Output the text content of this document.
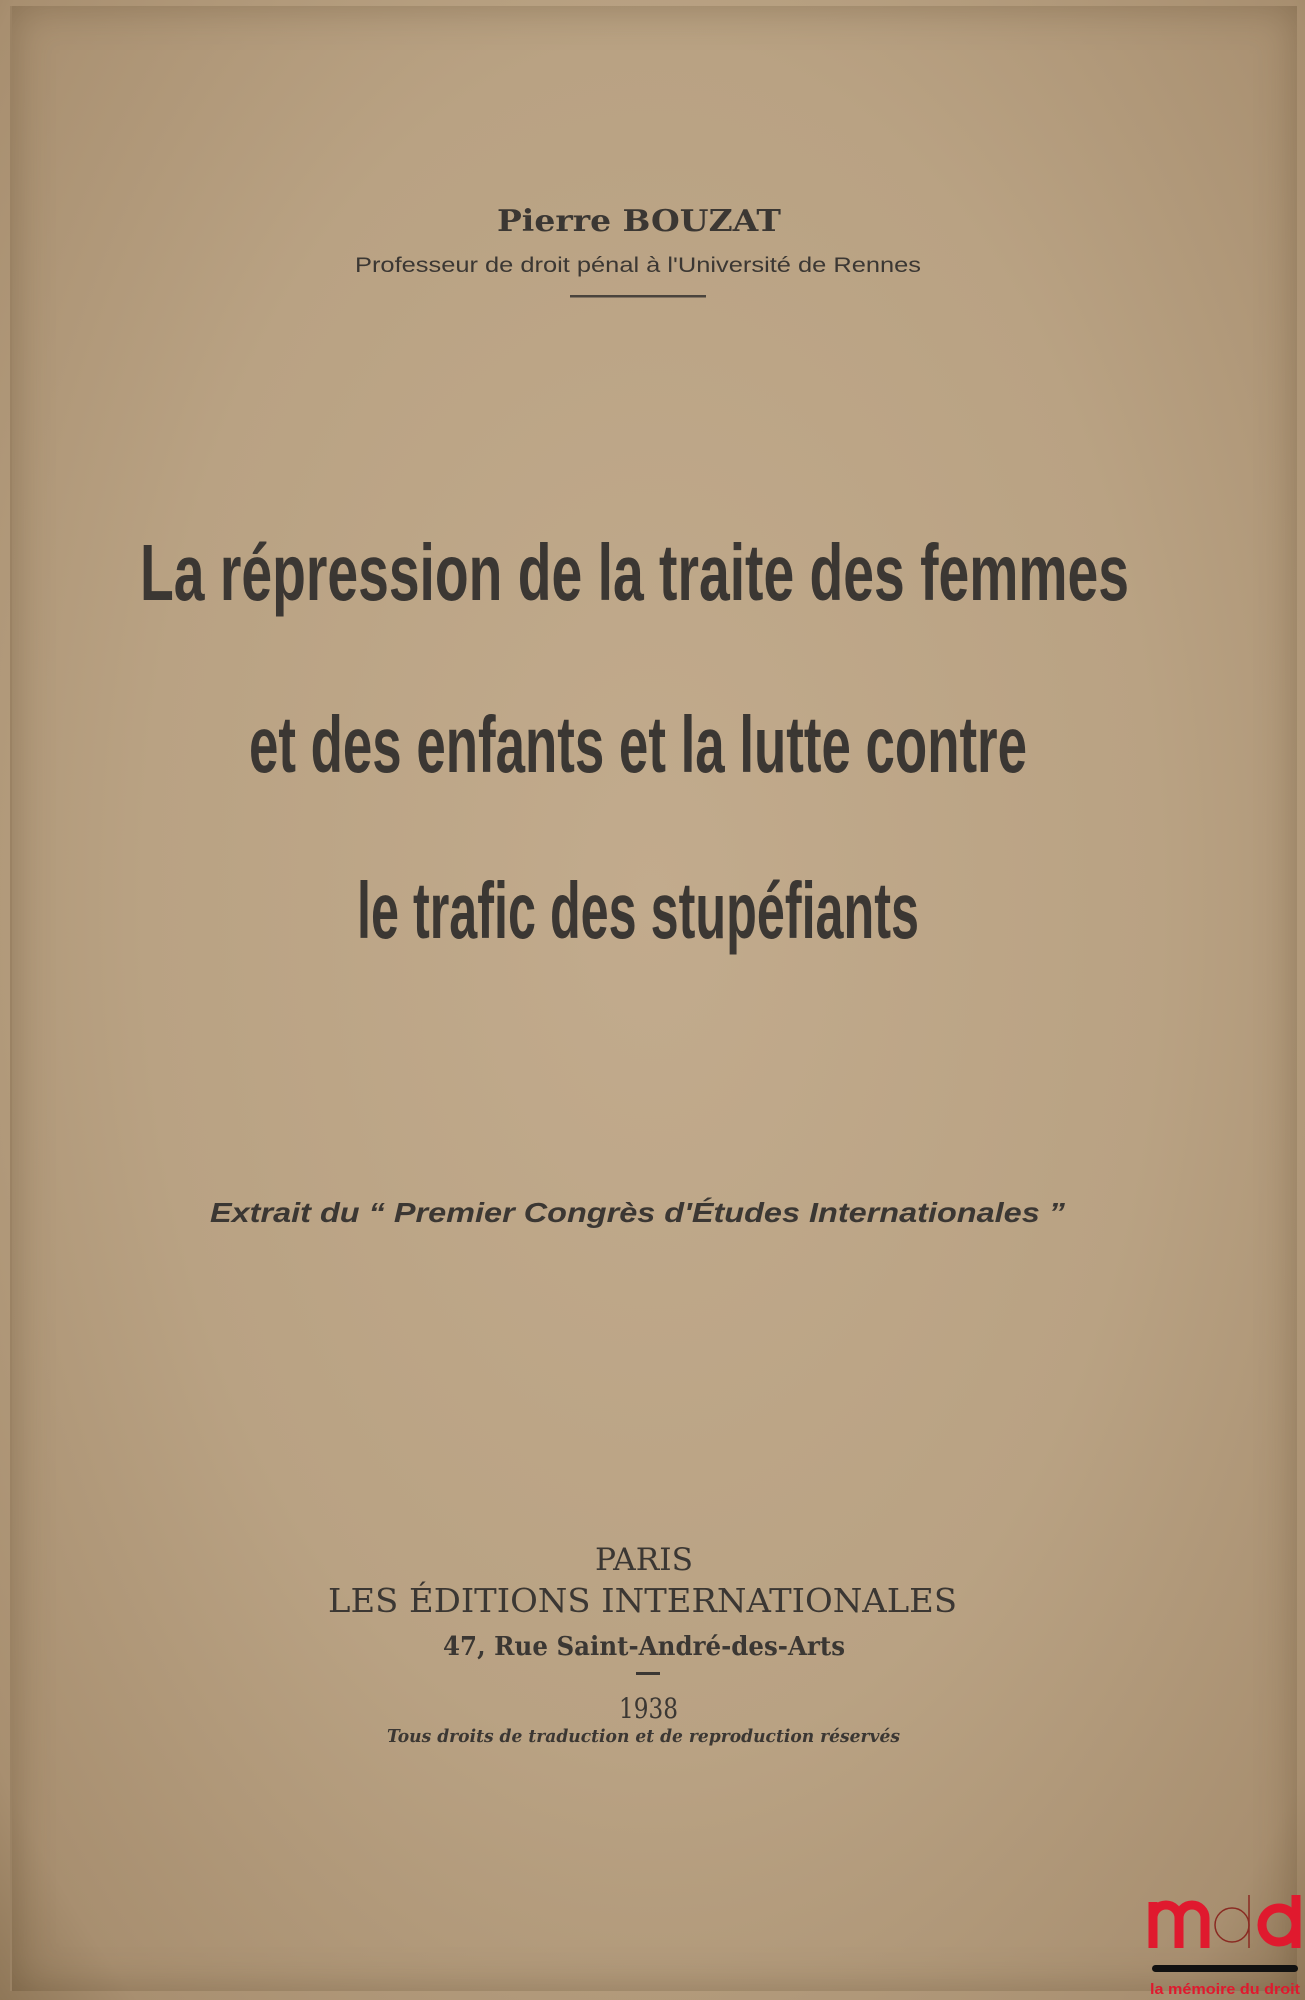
Pierre BOUZAT
Professeur de droit pénal à l'Université de Rennes
La répression de la traite des femmes
et des enfants et la lutte contre
le trafic des stupéfiants
Extrait du “ Premier Congrès d'Études Internationales ”
PARIS
LES ÉDITIONS INTERNATIONALES
47, Rue Saint-André-des-Arts
1938
Tous droits de traduction et de reproduction réservés
la mémoire du droit
